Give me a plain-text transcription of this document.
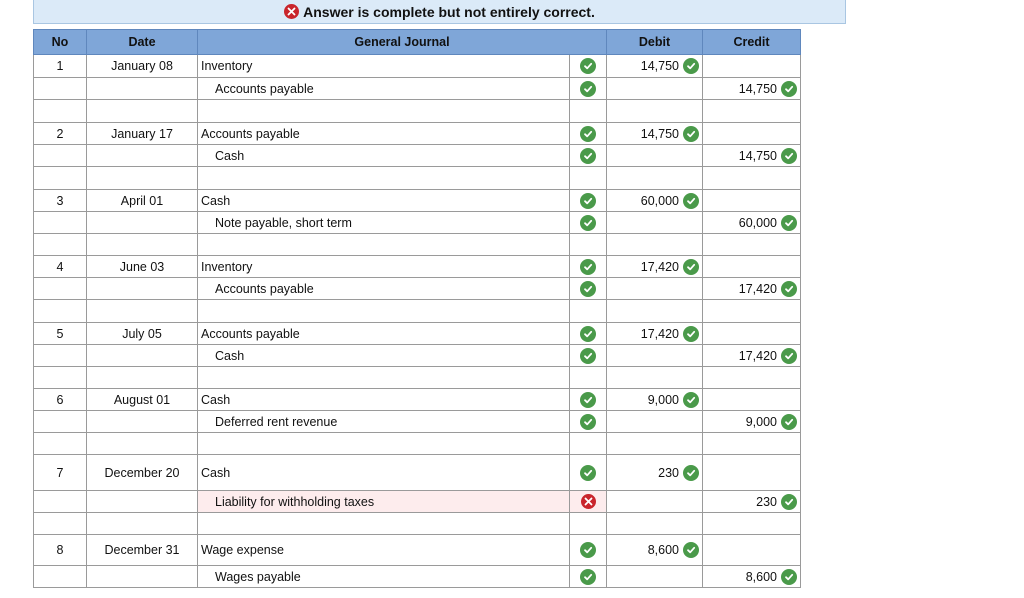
Answer is complete but not entirely correct.
No	Date	General Journal		Debit	Credit
1	January 08	Inventory		14,750

		Accounts payable			14,750

2	January 17	Accounts payable		14,750

		Cash			14,750

3	April 01	Cash		60,000

		Note payable, short term			60,000

4	June 03	Inventory		17,420

		Accounts payable			17,420

5	July 05	Accounts payable		17,420

		Cash			17,420

6	August 01	Cash		9,000

		Deferred rent revenue			9,000

7	December 20	Cash		230

		Liability for withholding taxes			230

8	December 31	Wage expense		8,600

		Wages payable			8,600
